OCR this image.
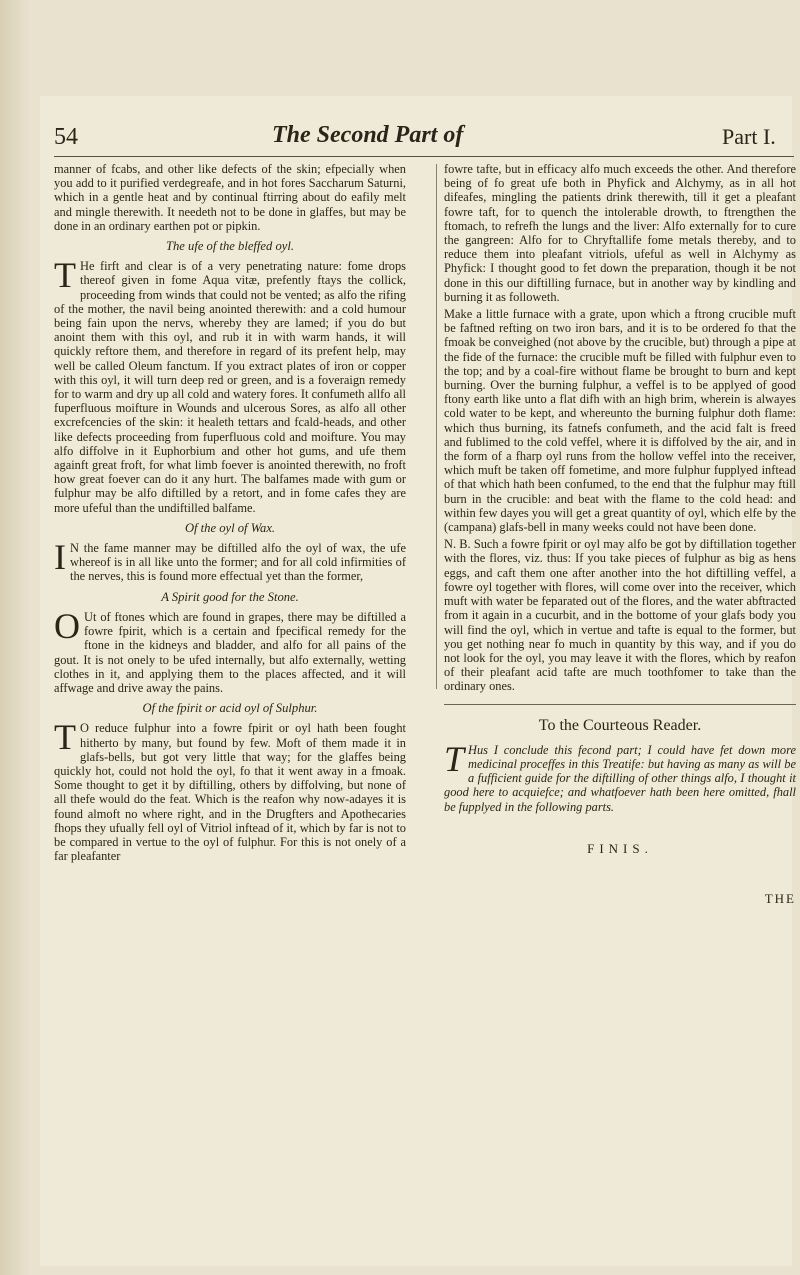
54	The Second Part of	Part I.

manner of fcabs, and other like defects of the skin; efpecially when you add to it purified verdegreafe, and in hot fores Saccharum Saturni, which in a gentle heat and by continual ftirring about do eafily melt and mingle therewith. It needeth not to be done in glaffes, but may be done in an ordinary earthen pot or pipkin.

The ufe of the bleffed oyl.

T He firft and clear is of a very penetrating nature: fome drops thereof given in fome Aqua vitæ, prefently ftays the collick, proceeding from winds that could not be vented; as alfo the rifing of the mother, the navil being anointed therewith: and a cold humour being fain upon the nervs, whereby they are lamed; if you do but anoint them with this oyl, and rub it in with warm hands, it will quickly reftore them, and therefore in regard of its prefent help, may well be called Oleum fanctum. If you extract plates of iron or copper with this oyl, it will turn deep red or green, and is a foveraign remedy for to warm and dry up all cold and watery fores. It confumeth allfo all fuperfluous moifture in Wounds and ulcerous Sores, as alfo all other excrefcencies of the skin: it healeth tettars and fcald-heads, and other like defects proceeding from fuperfluous cold and moifture. You may alfo diffolve in it Euphorbium and other hot gums, and ufe them againft great froft, for what limb foever is anointed therewith, no froft how great foever can do it any hurt. The balfames made with gum or fulphur may be alfo diftilled by a retort, and in fome cafes they are more ufeful than the undiftilled balfame.

Of the oyl of Wax.

I N the fame manner may be diftilled alfo the oyl of wax, the ufe whereof is in all like unto the former; and for all cold infirmities of the nerves, this is found more effectual yet than the former,

A Spirit good for the Stone.

O Ut of ftones which are found in grapes, there may be diftilled a fowre fpirit, which is a certain and fpecifical remedy for the ftone in the kidneys and bladder, and alfo for all pains of the gout. It is not onely to be ufed internally, but alfo externally, wetting clothes in it, and applying them to the places affected, and it will affwage and drive away the pains.

Of the fpirit or acid oyl of Sulphur.

T O reduce fulphur into a fowre fpirit or oyl hath been fought hitherto by many, but found by few. Moft of them made it in glafs-bells, but got very little that way; for the glaffes being quickly hot, could not hold the oyl, fo that it went away in a fmoak. Some thought to get it by diftilling, others by diffolving, but none of all thefe would do the feat. Which is the reafon why now-adayes it is found almoft no where right, and in the Drugfters and Apothecaries fhops they ufually fell oyl of Vitriol inftead of it, which by far is not to be compared in vertue to the oyl of fulphur. For this is not onely of a far pleafanter

fowre tafte, but in efficacy alfo much exceeds the other. And therefore being of fo great ufe both in Phyfick and Alchymy, as in all hot difeafes, mingling the patients drink therewith, till it get a pleafant fowre taft, for to quench the intolerable drowth, to ftrengthen the ftomach, to refrefh the lungs and the liver: Alfo externally for to cure the gangreen: Alfo for to Chryftallife fome metals thereby, and to reduce them into pleafant vitriols, ufeful as well in Alchymy as Phyfick: I thought good to fet down the preparation, though it be not done in this our diftilling furnace, but in another way by kindling and burning it as followeth.

Make a little furnace with a grate, upon which a ftrong crucible muft be faftned refting on two iron bars, and it is to be ordered fo that the fmoak be conveighed (not above by the crucible, but) through a pipe at the fide of the furnace: the crucible muft be filled with fulphur even to the top; and by a coal-fire without flame be brought to burn and kept burning. Over the burning fulphur, a veffel is to be applyed of good ftony earth like unto a flat difh with an high brim, wherein is alwayes cold water to be kept, and whereunto the burning fulphur doth flame: which thus burning, its fatnefs confumeth, and the acid falt is freed and fublimed to the cold veffel, where it is diffolved by the air, and in the form of a fharp oyl runs from the hollow veffel into the receiver, which muft be taken off fometime, and more fulphur fupplyed inftead of that which hath been confumed, to the end that the fulphur may ftill burn in the crucible: and beat with the flame to the cold head: and within few dayes you will get a great quantity of oyl, which elfe by the (campana) glafs-bell in many weeks could not have been done.

N. B. Such a fowre fpirit or oyl may alfo be got by diftillation together with the flores, viz. thus: If you take pieces of fulphur as big as hens eggs, and caft them one after another into the hot diftilling veffel, a fowre oyl together with flores, will come over into the receiver, which muft with water be feparated out of the flores, and the water abftracted from it again in a cucurbit, and in the bottome of your glafs body you will find the oyl, which in vertue and tafte is equal to the former, but you get nothing near fo much in quantity by this way, and if you do not look for the oyl, you may leave it with the flores, which by reafon of their pleafant acid tafte are much toothfomer to take than the ordinary ones.

To the Courteous Reader.

T Hus I conclude this fecond part; I could have fet down more medicinal proceffes in this Treatife: but having as many as will be a fufficient guide for the diftilling of other things alfo, I thought it good here to acquiefce; and whatfoever hath been here omitted, fhall be fupplyed in the following parts.

FINIS.

THE
